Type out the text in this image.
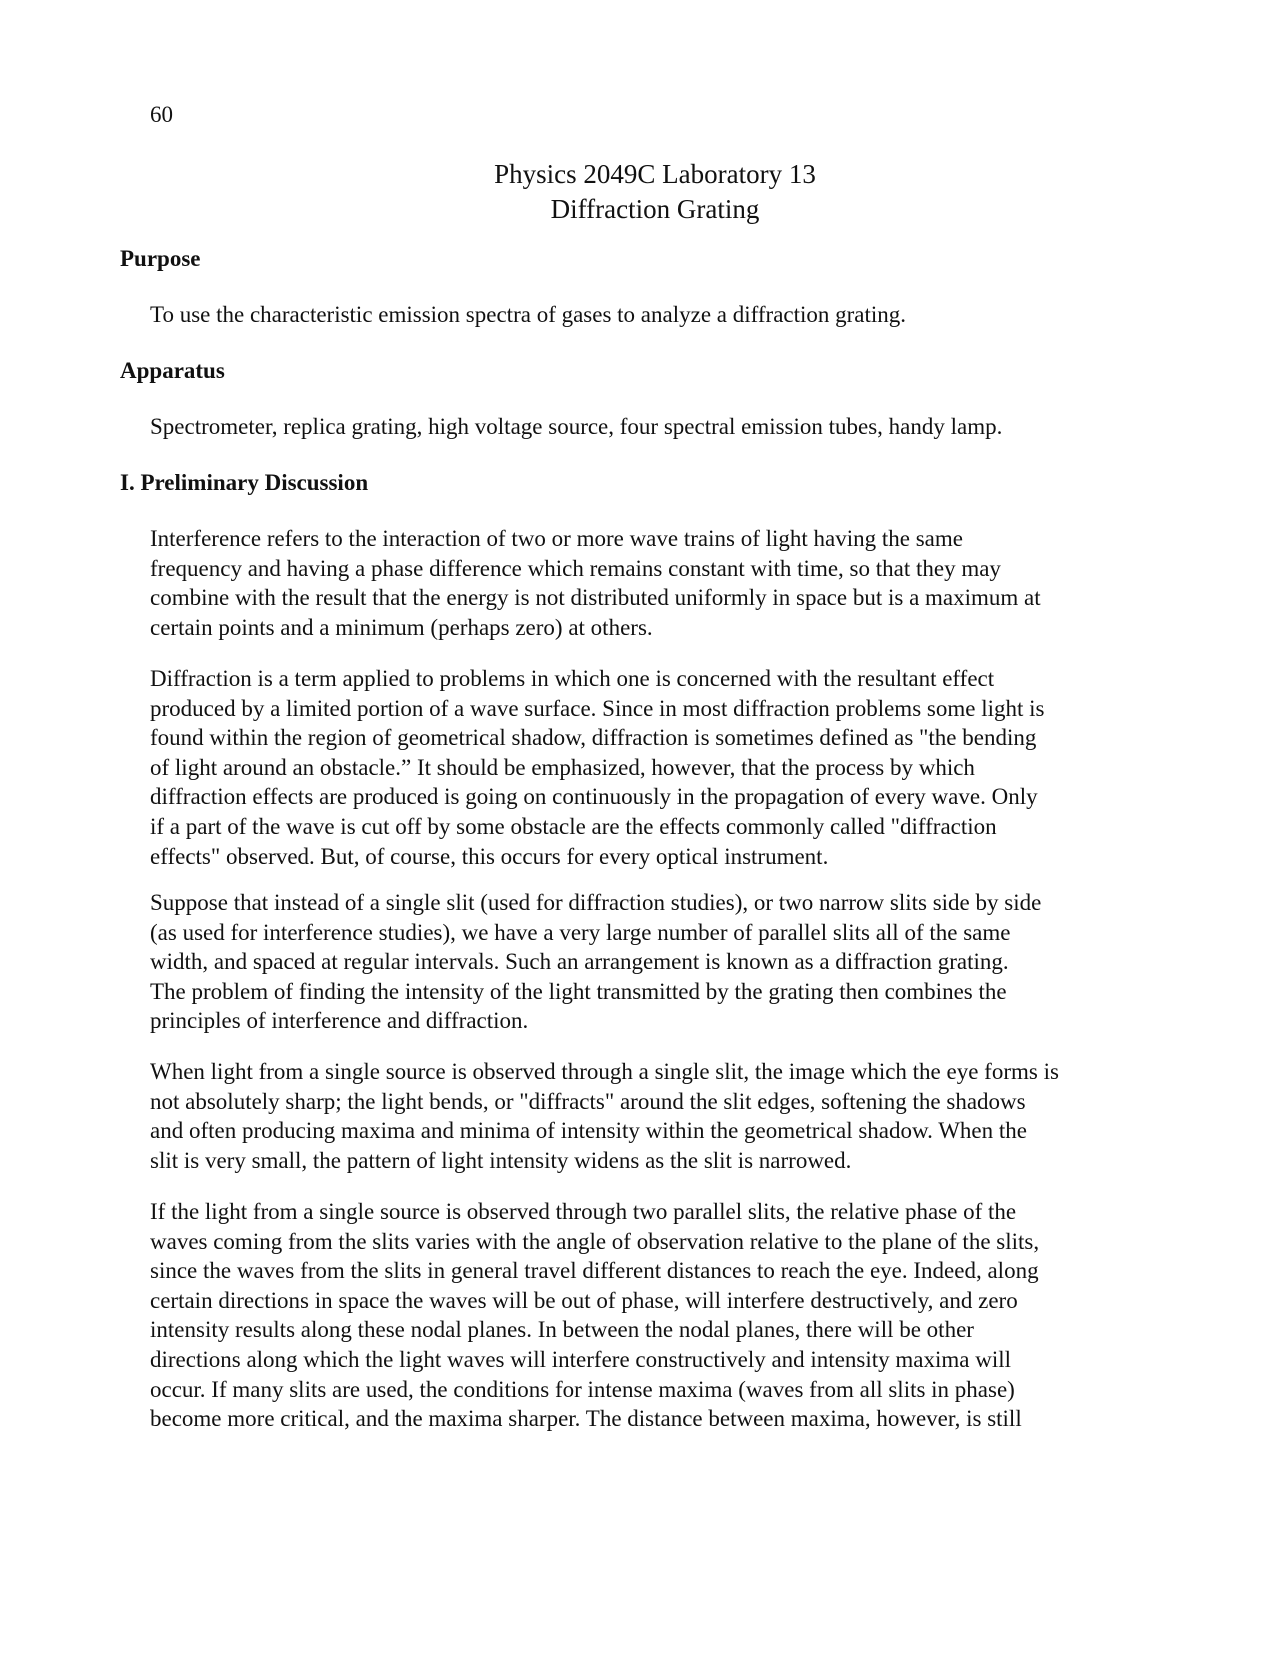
60
Physics 2049C Laboratory 13
Diffraction Grating
Purpose
To use the characteristic emission spectra of gases to analyze a diffraction grating.
Apparatus
Spectrometer, replica grating, high voltage source, four spectral emission tubes, handy lamp.
I. Preliminary Discussion
Interference refers to the interaction of two or more wave trains of light having the same
frequency and having a phase difference which remains constant with time, so that they may
combine with the result that the energy is not distributed uniformly in space but is a maximum at
certain points and a minimum (perhaps zero) at others.
Diffraction is a term applied to problems in which one is concerned with the resultant effect
produced by a limited portion of a wave surface. Since in most diffraction problems some light is
found within the region of geometrical shadow, diffraction is sometimes defined as "the bending
of light around an obstacle.” It should be emphasized, however, that the process by which
diffraction effects are produced is going on continuously in the propagation of every wave. Only
if a part of the wave is cut off by some obstacle are the effects commonly called "diffraction
effects" observed. But, of course, this occurs for every optical instrument.
Suppose that instead of a single slit (used for diffraction studies), or two narrow slits side by side
(as used for interference studies), we have a very large number of parallel slits all of the same
width, and spaced at regular intervals. Such an arrangement is known as a diffraction grating.
The problem of finding the intensity of the light transmitted by the grating then combines the
principles of interference and diffraction.
When light from a single source is observed through a single slit, the image which the eye forms is
not absolutely sharp; the light bends, or "diffracts" around the slit edges, softening the shadows
and often producing maxima and minima of intensity within the geometrical shadow. When the
slit is very small, the pattern of light intensity widens as the slit is narrowed.
If the light from a single source is observed through two parallel slits, the relative phase of the
waves coming from the slits varies with the angle of observation relative to the plane of the slits,
since the waves from the slits in general travel different distances to reach the eye. Indeed, along
certain directions in space the waves will be out of phase, will interfere destructively, and zero
intensity results along these nodal planes. In between the nodal planes, there will be other
directions along which the light waves will interfere constructively and intensity maxima will
occur. If many slits are used, the conditions for intense maxima (waves from all slits in phase)
become more critical, and the maxima sharper. The distance between maxima, however, is still
